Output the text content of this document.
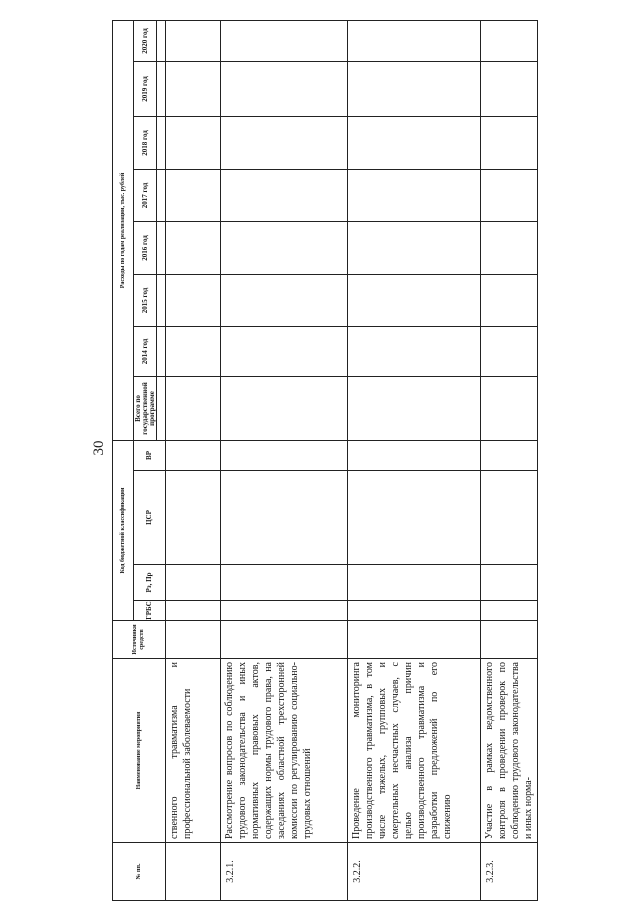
30
№ пп.	Наименование мероприятия	Источники средств	Код бюджетной классификации				Расходы по годам реализации, тыс. рублей							
			ГРБС	Рз, Пр	ЦСР	ВР	Всего по государственной программе	2014 год	2015 год	2016 год	2017 год	2018 год	2019 год	2020 год

	ственного травматизма и профессиональной заболеваемости													
3.2.1.	Рассмотрение вопросов по соблюдению трудового законодательства и иных нормативных правовых актов, содержащих нормы трудового права, на заседаниях областной трехсторонней комиссии по регулированию социально-трудовых отношений													
3.2.2.	Проведение мониторинга производственного травматизма, в том числе тяжелых, групповых и смертельных несчастных случаев, с целью анализа причин производственного травматизма и разработки предложений по его снижению													
3.2.3.	Участие в рамках ведомственного контроля в проведении проверок по соблюдению трудового законодательства и иных норма-													
